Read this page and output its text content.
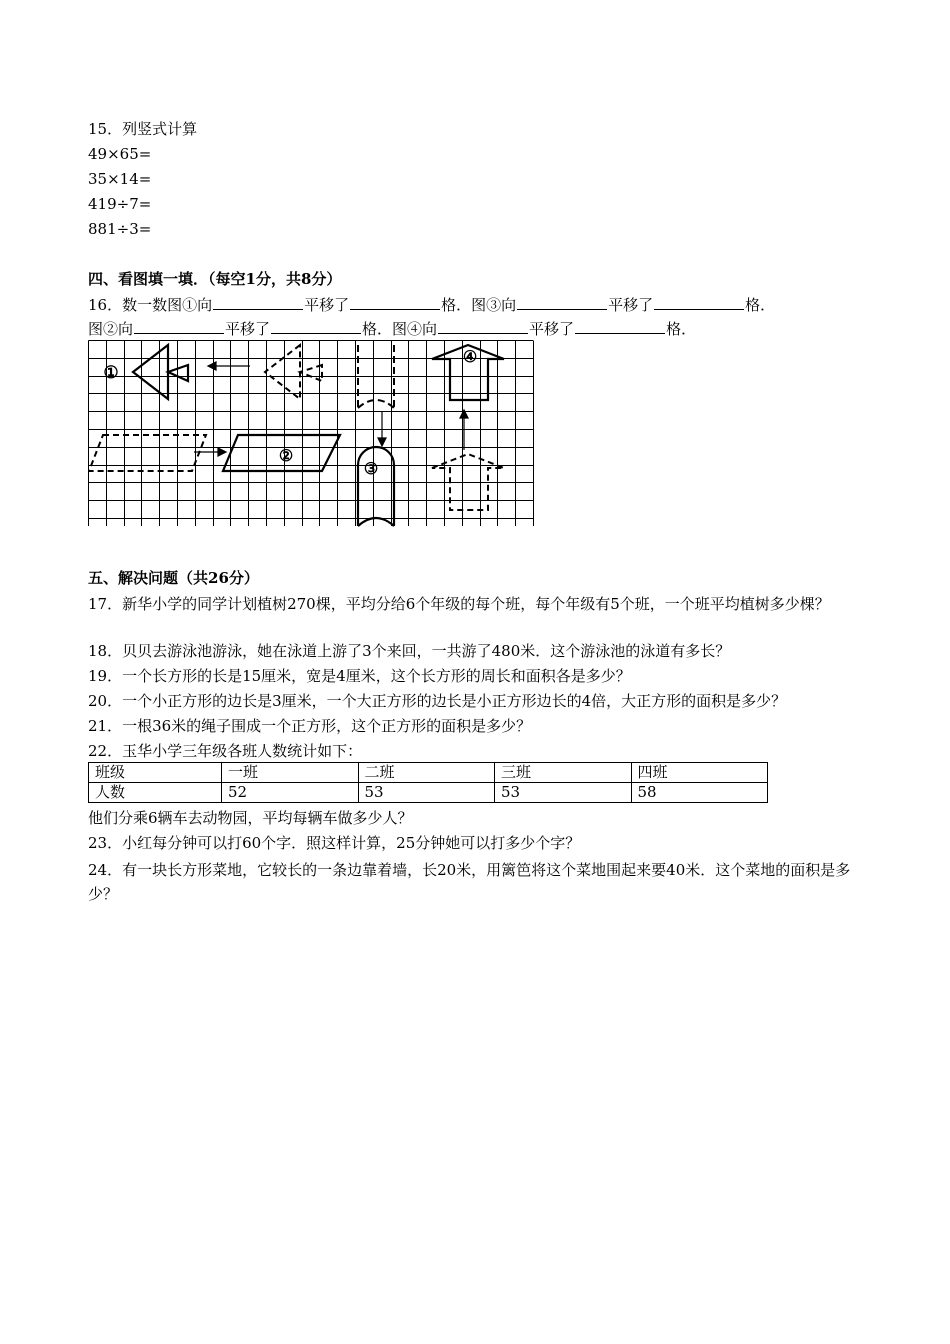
15．列竖式计算
49×65=
35×14=
419÷7=
881÷3=
四、看图填一填．（每空1分，共8分）
16．数一数图①向	平移了	格．图③向	平移了	格．
图②向	平移了	格．图④向	平移了	格．
①
④
②
③
五、解决问题（共26分）
17．新华小学的同学计划植树270棵，平均分给6个年级的每个班，每个年级有5个班，一个班平均植树多少棵？
18．贝贝去游泳池游泳，她在泳道上游了3个来回，一共游了480米．这个游泳池的泳道有多长？
19．一个长方形的长是15厘米，宽是4厘米，这个长方形的周长和面积各是多少？
20．一个小正方形的边长是3厘米，一个大正方形的边长是小正方形边长的4倍，大正方形的面积是多少？
21．一根36米的绳子围成一个正方形，这个正方形的面积是多少？
22．玉华小学三年级各班人数统计如下：
班级	一班	二班	三班	四班
人数	52	53	53	58
他们分乘6辆车去动物园，平均每辆车做多少人？
23．小红每分钟可以打60个字．照这样计算，25分钟她可以打多少个字？
24．有一块长方形菜地，它较长的一条边靠着墙，长20米，用篱笆将这个菜地围起来要40米．这个菜地的面积是多少？
